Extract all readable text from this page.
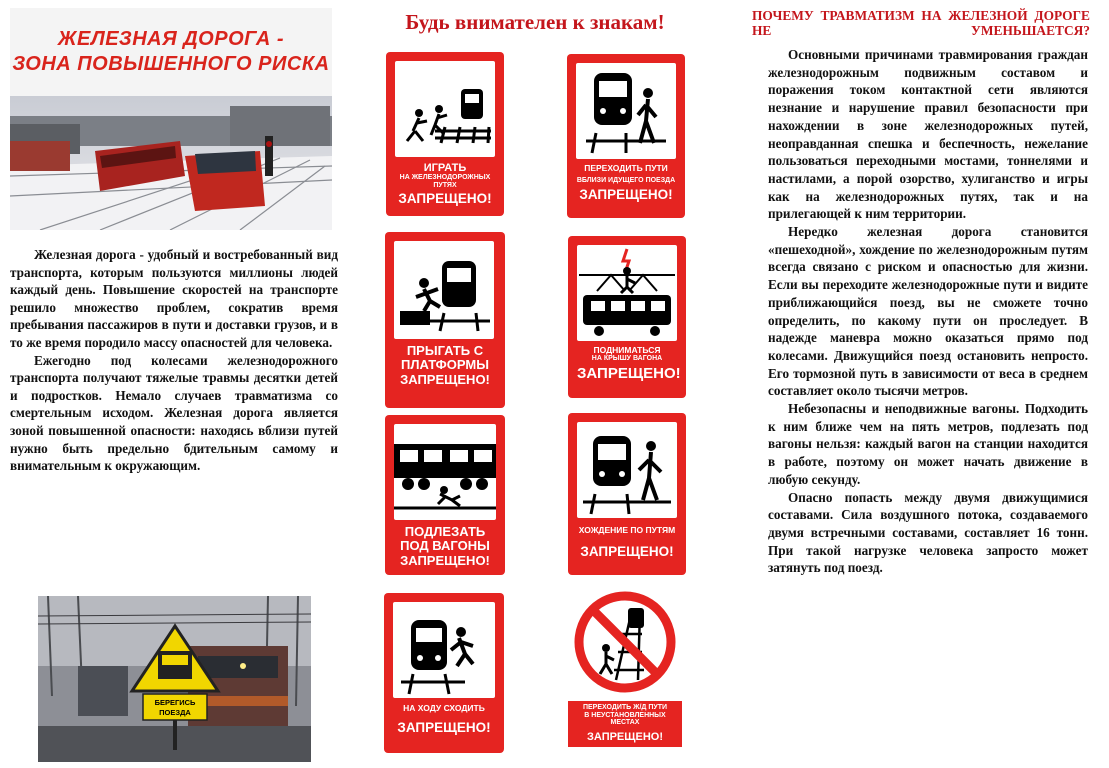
ЖЕЛЕЗНАЯ ДОРОГА -
ЗОНА ПОВЫШЕННОГО РИСКА

Железная дорога - удобный и востребованный вид транспорта, которым пользуются миллионы людей каждый день. Повышение скоростей на транспорте решило множество проблем, сократив время пребывания пассажиров в пути и доставки грузов, и в то же время породило массу опасностей для человека.

Ежегодно под колесами железнодорожного транспорта получают тяжелые травмы десятки детей и подростков. Немало случаев травматизма со смертельным исходом. Железная дорога является зоной повышенной опасности: находясь вблизи путей нужно быть предельно бдительным самому и внимательным к окружающим.

БЕРЕГИСЬ
ПОЕЗДА
Будь внимателен к знакам!
ИГРАТЬ
НА ЖЕЛЕЗНОДОРОЖНЫХ
ПУТЯХ
ЗАПРЕЩЕНО!
ПЕРЕХОДИТЬ ПУТИ
ВБЛИЗИ ИДУЩЕГО ПОЕЗДА
ЗАПРЕЩЕНО!
ПРЫГАТЬ С
ПЛАТФОРМЫ
ЗАПРЕЩЕНО!
ПОДНИМАТЬСЯ
НА КРЫШУ ВАГОНА
ЗАПРЕЩЕНО!
ПОДЛЕЗАТЬ
ПОД ВАГОНЫ
ЗАПРЕЩЕНО!
ХОЖДЕНИЕ ПО ПУТЯМ
ЗАПРЕЩЕНО!
НА ХОДУ СХОДИТЬ
ЗАПРЕЩЕНО!
ПЕРЕХОДИТЬ Ж/Д ПУТИ
В НЕУСТАНОВЛЕННЫХ
МЕСТАХ
ЗАПРЕЩЕНО!
ПОЧЕМУ ТРАВМАТИЗМ НА ЖЕЛЕЗНОЙ ДОРОГЕ НЕ УМЕНЬШАЕТСЯ?

Основными причинами травмирования граждан железнодорожным подвижным составом и поражения током контактной сети являются незнание и нарушение правил безопасности при нахождении в зоне железнодорожных путей, неоправданная спешка и беспечность, нежелание пользоваться переходными мостами, тоннелями и настилами, а порой озорство, хулиганство и игры как на железнодорожных путях, так и на прилегающей к ним территории.

Нередко железная дорога становится «пешеходной», хождение по железнодорожным путям всегда связано с риском и опасностью для жизни. Если вы переходите железнодорожные пути и видите приближающийся поезд, вы не сможете точно определить, по какому пути он проследует. В надежде маневра можно оказаться прямо под колесами. Движущийся поезд остановить непросто. Его тормозной путь в зависимости от веса в среднем составляет около тысячи метров.

Небезопасны и неподвижные вагоны. Подходить к ним ближе чем на пять метров, подлезать под вагоны нельзя: каждый вагон на станции находится в работе, поэтому он может начать движение в любую секунду.

Опасно попасть между двумя движущимися составами. Сила воздушного потока, создаваемого двумя встречными составами, составляет 16 тонн. При такой нагрузке человека запросто может затянуть под поезд.
